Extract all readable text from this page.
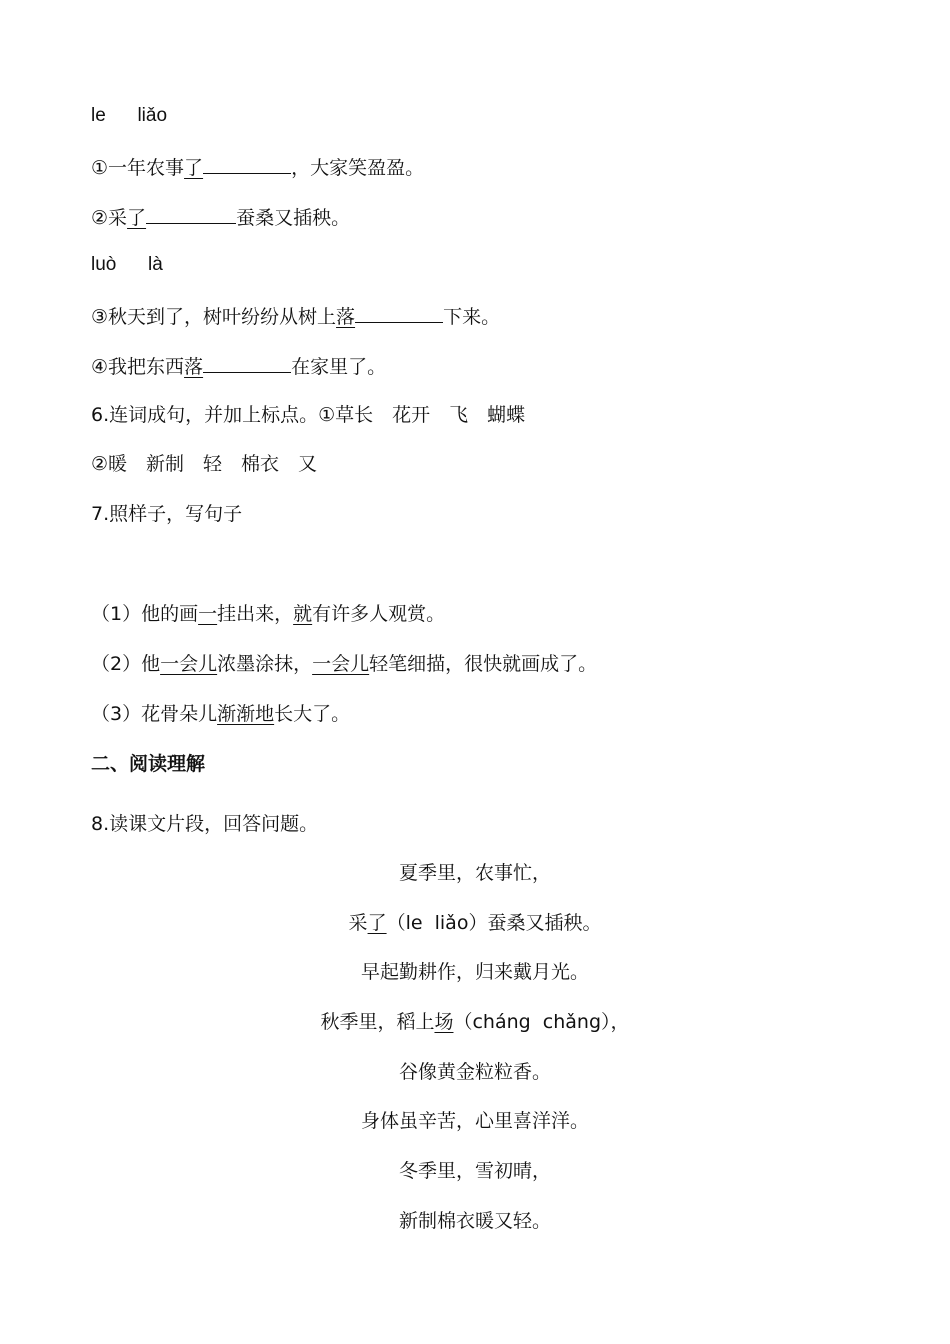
le      liǎo
①一年农事了	，大家笑盈盈。
②采了	蚕桑又插秧。
luò      là
③秋天到了，树叶纷纷从树上落	下来。
④我把东西落	在家里了。
6.连词成句，并加上标点。①草长　花开　飞　蝴蝶
②暖　新制　轻　棉衣　又
7.照样子，写句子
（1）他的画一挂出来，就有许多人观赏。
（2）他一会儿浓墨涂抹，一会儿轻笔细描，很快就画成了。
（3）花骨朵儿渐渐地长大了。
二、阅读理解
8.读课文片段，回答问题。
夏季里，农事忙，
采了（le  liǎo）蚕桑又插秧。
早起勤耕作，归来戴月光。
秋季里，稻上场（cháng  chǎng），
谷像黄金粒粒香。
身体虽辛苦，心里喜洋洋。
冬季里，雪初晴，
新制棉衣暖又轻。
